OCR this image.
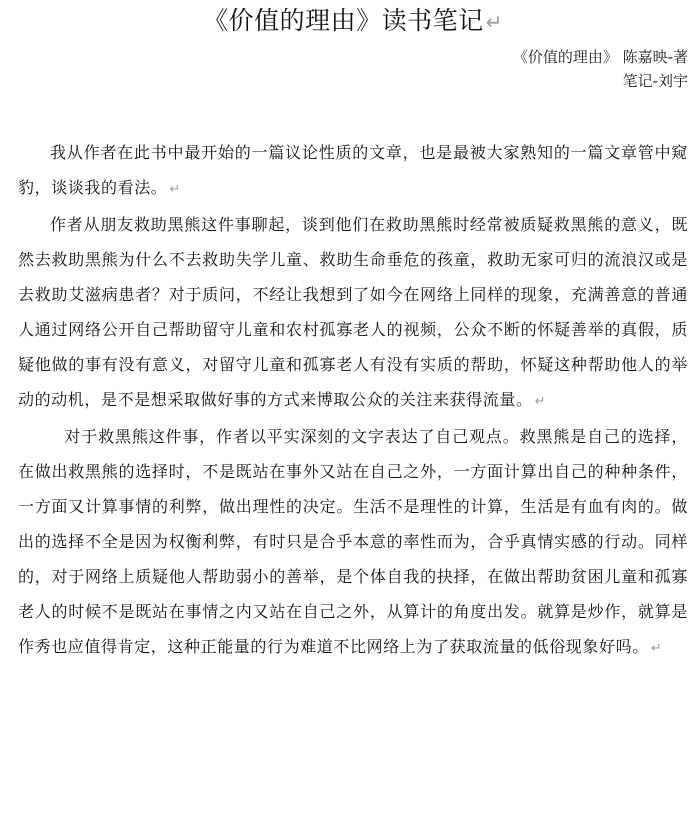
《价值的理由》读书笔记 ↵
《价值的理由》 陈嘉映-著
笔记-刘宇

我从作者在此书中最开始的一篇议论性质的文章，也是最被大家熟知的一篇文章管中窥豹，谈谈我的看法。 ↵

作者从朋友救助黑熊这件事聊起，谈到他们在救助黑熊时经常被质疑救黑熊的意义，既然去救助黑熊为什么不去救助失学儿童、救助生命垂危的孩童，救助无家可归的流浪汉或是去救助艾滋病患者？对于质问，不经让我想到了如今在网络上同样的现象，充满善意的普通人通过网络公开自己帮助留守儿童和农村孤寡老人的视频，公众不断的怀疑善举的真假，质疑他做的事有没有意义，对留守儿童和孤寡老人有没有实质的帮助，怀疑这种帮助他人的举动的动机，是不是想采取做好事的方式来博取公众的关注来获得流量。 ↵

对于救黑熊这件事，作者以平实深刻的文字表达了自己观点。救黑熊是自己的选择，在做出救黑熊的选择时，不是既站在事外又站在自己之外，一方面计算出自己的种种条件，一方面又计算事情的利弊，做出理性的决定。生活不是理性的计算，生活是有血有肉的。做出的选择不全是因为权衡利弊，有时只是合乎本意的率性而为，合乎真情实感的行动。同样的，对于网络上质疑他人帮助弱小的善举，是个体自我的抉择，在做出帮助贫困儿童和孤寡老人的时候不是既站在事情之内又站在自己之外，从算计的角度出发。就算是炒作，就算是作秀也应值得肯定，这种正能量的行为难道不比网络上为了获取流量的低俗现象好吗。 ↵
